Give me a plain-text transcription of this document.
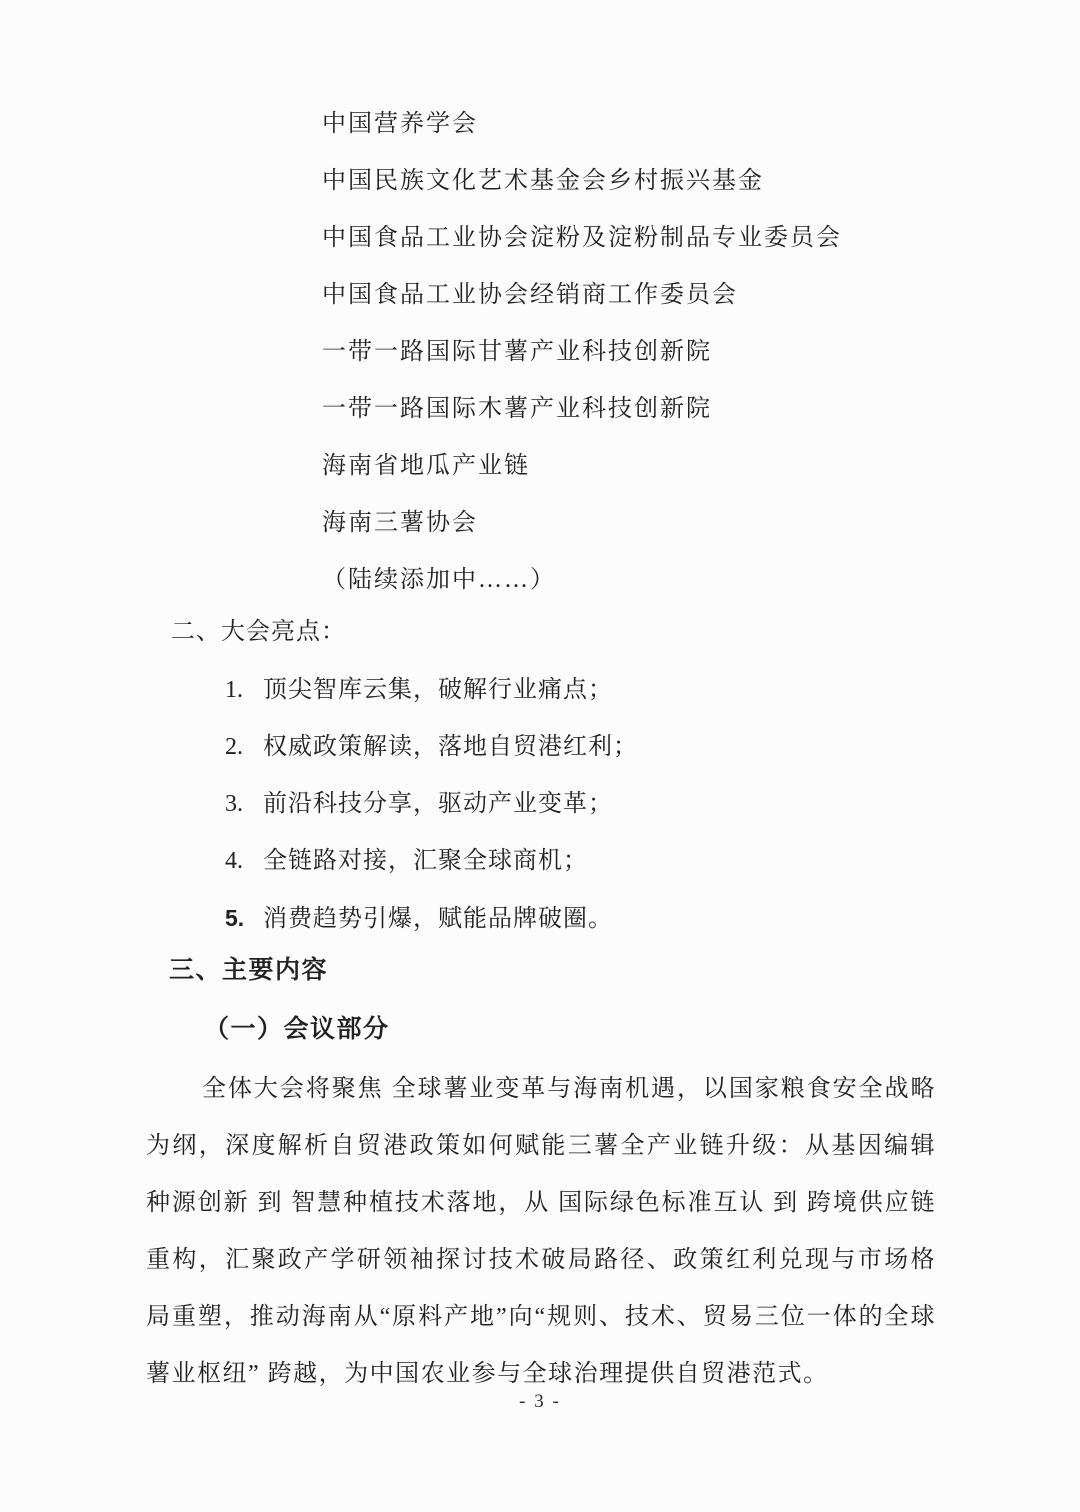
中国营养学会
中国民族文化艺术基金会乡村振兴基金
中国食品工业协会淀粉及淀粉制品专业委员会
中国食品工业协会经销商工作委员会
一带一路国际甘薯产业科技创新院
一带一路国际木薯产业科技创新院
海南省地瓜产业链
海南三薯协会
（陆续添加中……）
二、大会亮点：
1. 顶尖智库云集，破解行业痛点；
2. 权威政策解读，落地自贸港红利；
3. 前沿科技分享，驱动产业变革；
4. 全链路对接，汇聚全球商机；
5. 消费趋势引爆，赋能品牌破圈。
三、主要内容
（一）会议部分
全体大会将聚焦 全球薯业变革与海南机遇，以国家粮食安全战略为纲，深度解析自贸港政策如何赋能三薯全产业链升级：从基因编辑种源创新 到 智慧种植技术落地，从 国际绿色标准互认 到 跨境供应链重构，汇聚政产学研领袖探讨技术破局路径、政策红利兑现与市场格局重塑，推动海南从“原料产地”向“规则、技术、贸易三位一体的全球薯业枢纽” 跨越，为中国农业参与全球治理提供自贸港范式。
- 3 -
